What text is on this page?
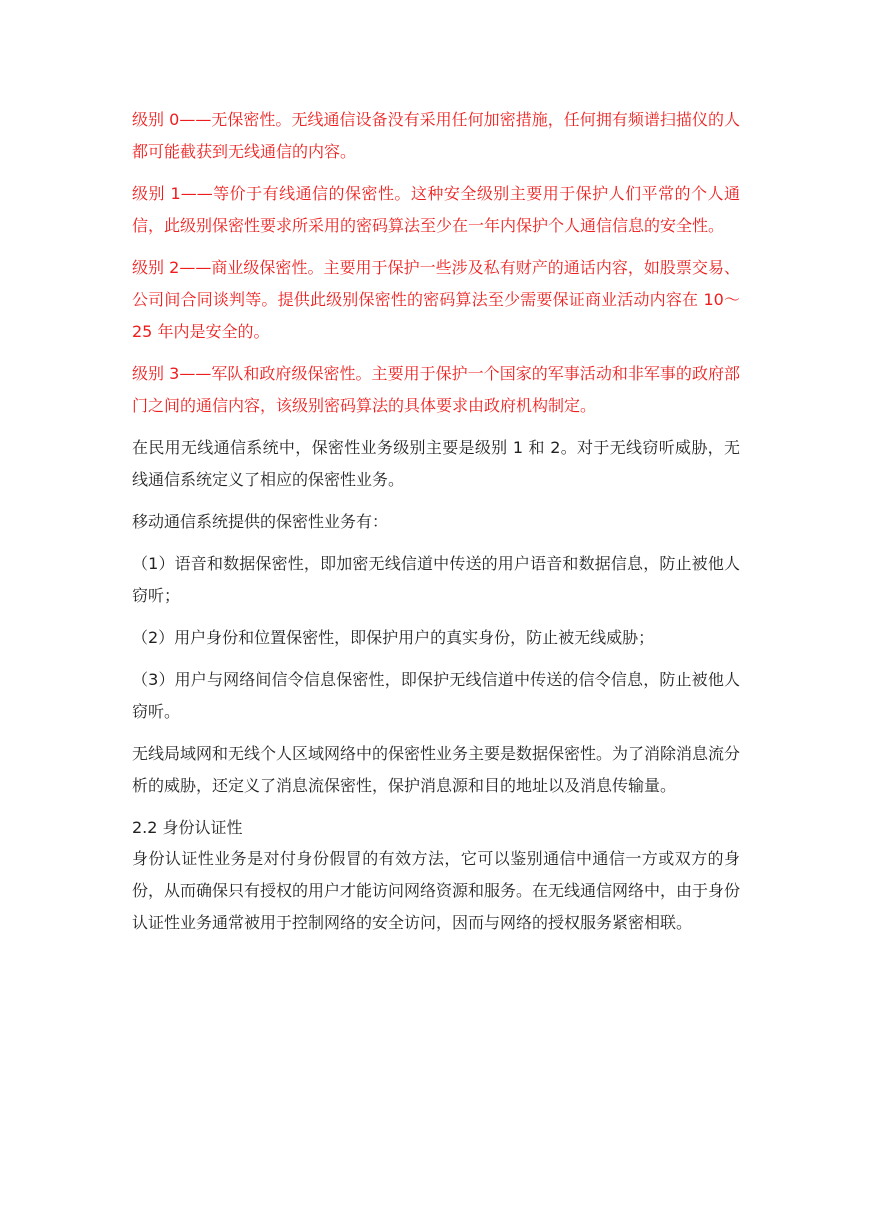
级别 0——无保密性。无线通信设备没有采用任何加密措施，任何拥有频谱扫描仪的人都可能截获到无线通信的内容。

级别 1——等价于有线通信的保密性。这种安全级别主要用于保护人们平常的个人通信，此级别保密性要求所采用的密码算法至少在一年内保护个人通信信息的安全性。

级别 2——商业级保密性。主要用于保护一些涉及私有财产的通话内容，如股票交易、公司间合同谈判等。提供此级别保密性的密码算法至少需要保证商业活动内容在 10～25 年内是安全的。

级别 3——军队和政府级保密性。主要用于保护一个国家的军事活动和非军事的政府部门之间的通信内容，该级别密码算法的具体要求由政府机构制定。

在民用无线通信系统中，保密性业务级别主要是级别 1 和 2。对于无线窃听威胁，无线通信系统定义了相应的保密性业务。

移动通信系统提供的保密性业务有：

（1）语音和数据保密性，即加密无线信道中传送的用户语音和数据信息，防止被他人窃听；

（2）用户身份和位置保密性，即保护用户的真实身份，防止被无线威胁；

（3）用户与网络间信令信息保密性，即保护无线信道中传送的信令信息，防止被他人窃听。

无线局域网和无线个人区域网络中的保密性业务主要是数据保密性。为了消除消息流分析的威胁，还定义了消息流保密性，保护消息源和目的地址以及消息传输量。

2.2 身份认证性

身份认证性业务是对付身份假冒的有效方法，它可以鉴别通信中通信一方或双方的身份，从而确保只有授权的用户才能访问网络资源和服务。在无线通信网络中，由于身份认证性业务通常被用于控制网络的安全访问，因而与网络的授权服务紧密相联。
